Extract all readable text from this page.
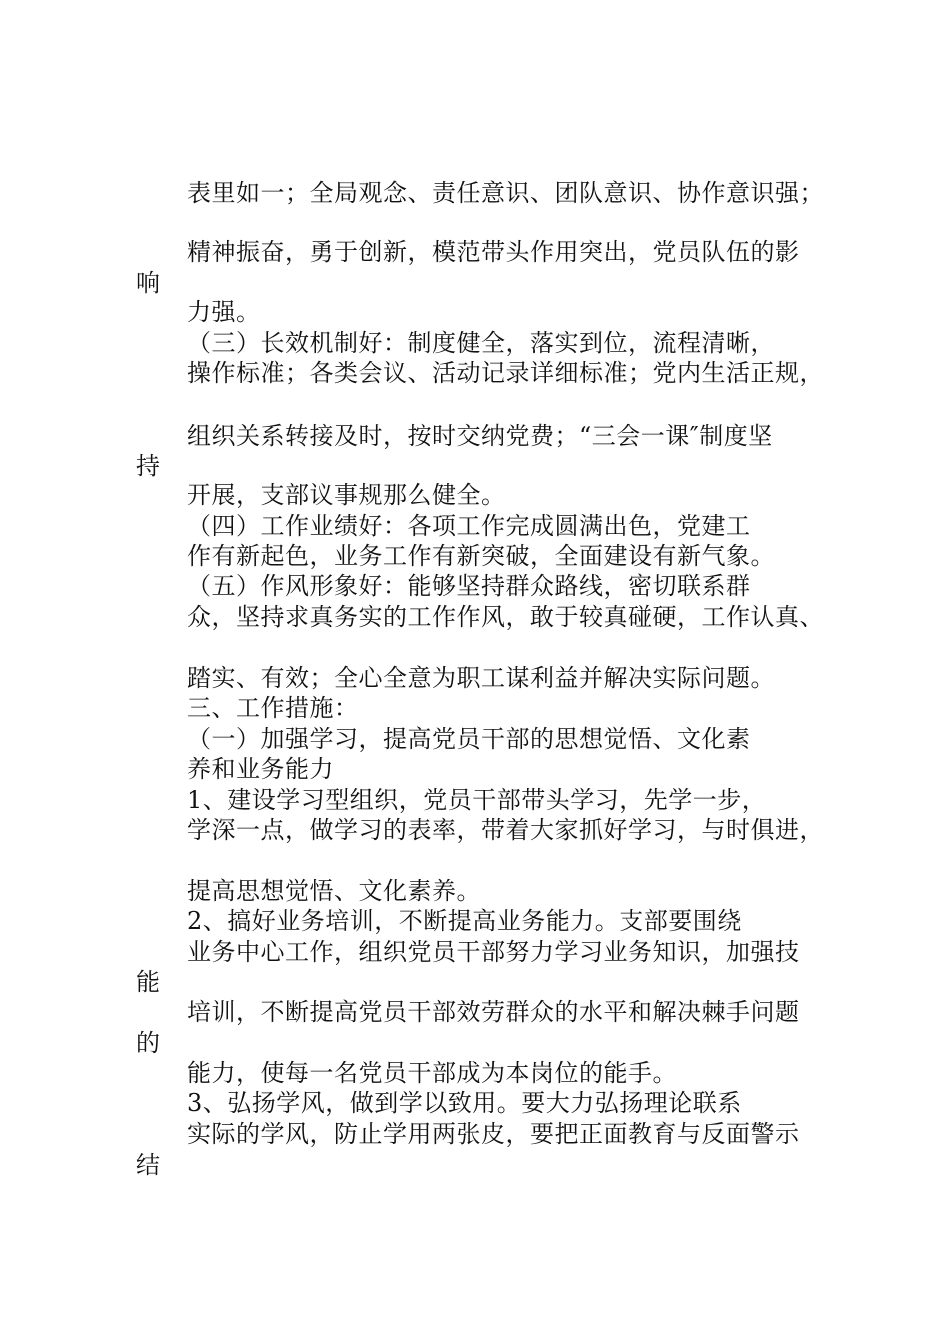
表里如一；全局观念、责任意识、团队意识、协作意识强；
精神振奋，勇于创新，模范带头作用突出，党员队伍的影
响
力强。
（三）长效机制好：制度健全，落实到位，流程清晰，
操作标准；各类会议、活动记录详细标准；党内生活正规，
组织关系转接及时，按时交纳党费；“三会一课″制度坚
持
开展，支部议事规那么健全。
（四）工作业绩好：各项工作完成圆满出色，党建工
作有新起色，业务工作有新突破，全面建设有新气象。
（五）作风形象好：能够坚持群众路线，密切联系群
众，坚持求真务实的工作作风，敢于较真碰硬，工作认真、
踏实、有效；全心全意为职工谋利益并解决实际问题。
三、工作措施：
（一）加强学习，提高党员干部的思想觉悟、文化素
养和业务能力
1、建设学习型组织，党员干部带头学习，先学一步，
学深一点，做学习的表率，带着大家抓好学习，与时俱进，
提高思想觉悟、文化素养。
2、搞好业务培训，不断提高业务能力。支部要围绕
业务中心工作，组织党员干部努力学习业务知识，加强技
能
培训，不断提高党员干部效劳群众的水平和解决棘手问题
的
能力，使每一名党员干部成为本岗位的能手。
3、弘扬学风，做到学以致用。要大力弘扬理论联系
实际的学风，防止学用两张皮，要把正面教育与反面警示
结
